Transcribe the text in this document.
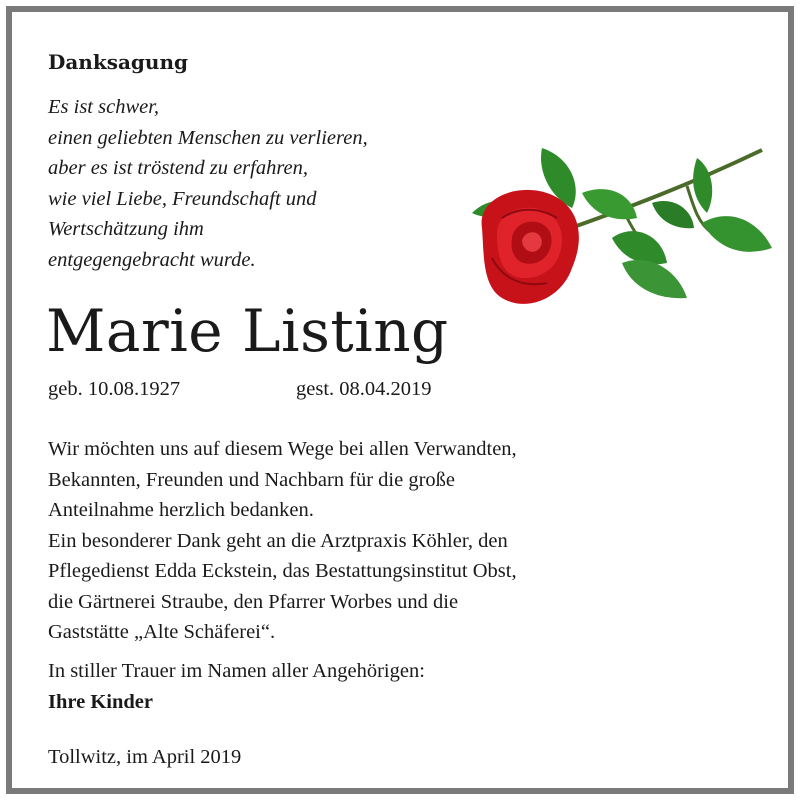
Danksagung
Es ist schwer,
einen geliebten Menschen zu verlieren,
aber es ist tröstend zu erfahren,
wie viel Liebe, Freundschaft und
Wertschätzung ihm
entgegengebracht wurde.
Marie Listing
geb. 10.08.1927	gest. 08.04.2019
Wir möchten uns auf diesem Wege bei allen Verwandten,
Bekannten, Freunden und Nachbarn für die große
Anteilnahme herzlich bedanken.
Ein besonderer Dank geht an die Arztpraxis Köhler, den
Pflegedienst Edda Eckstein, das Bestattungsinstitut Obst,
die Gärtnerei Straube, den Pfarrer Worbes und die
Gaststätte „Alte Schäferei“.
In stiller Trauer im Namen aller Angehörigen:
Ihre Kinder
Tollwitz, im April 2019
